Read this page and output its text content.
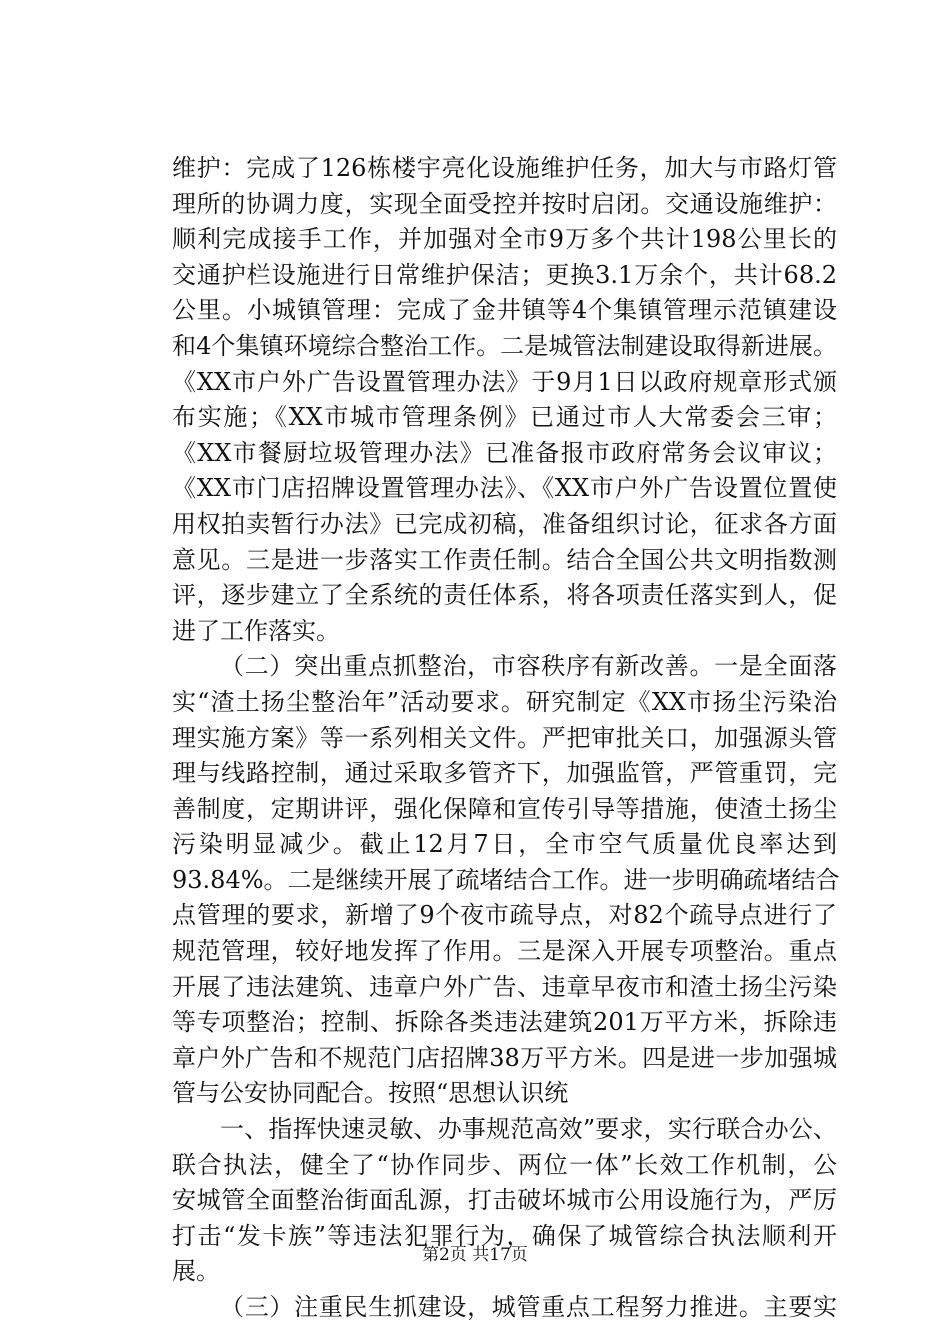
维护：完成了126栋楼宇亮化设施维护任务，加大与市路灯管
理所的协调力度，实现全面受控并按时启闭。交通设施维护：
顺利完成接手工作，并加强对全市9万多个共计198公里长的
交通护栏设施进行日常维护保洁；更换3.1万余个，共计68.2
公里。小城镇管理：完成了金井镇等4个集镇管理示范镇建设
和4个集镇环境综合整治工作。二是城管法制建设取得新进展。
《XX市户外广告设置管理办法》于9月1日以政府规章形式颁
布实施；《XX市城市管理条例》已通过市人大常委会三审；
《XX市餐厨垃圾管理办法》已准备报市政府常务会议审议；
《XX市门店招牌设置管理办法》、《XX市户外广告设置位置使
用权拍卖暂行办法》已完成初稿，准备组织讨论，征求各方面
意见。三是进一步落实工作责任制。结合全国公共文明指数测
评，逐步建立了全系统的责任体系，将各项责任落实到人，促
进了工作落实。
（二）突出重点抓整治，市容秩序有新改善。一是全面落
实“渣土扬尘整治年”活动要求。研究制定《XX市扬尘污染治
理实施方案》等一系列相关文件。严把审批关口，加强源头管
理与线路控制，通过采取多管齐下，加强监管，严管重罚，完
善制度，定期讲评，强化保障和宣传引导等措施，使渣土扬尘
污染明显减少。截止12月7日，全市空气质量优良率达到
93.84%。二是继续开展了疏堵结合工作。进一步明确疏堵结合
点管理的要求，新增了9个夜市疏导点，对82个疏导点进行了
规范管理，较好地发挥了作用。三是深入开展专项整治。重点
开展了违法建筑、违章户外广告、违章早夜市和渣土扬尘污染
等专项整治；控制、拆除各类违法建筑201万平方米，拆除违
章户外广告和不规范门店招牌38万平方米。四是进一步加强城
管与公安协同配合。按照“思想认识统
一、指挥快速灵敏、办事规范高效”要求，实行联合办公、
联合执法，健全了“协作同步、两位一体”长效工作机制，公
安城管全面整治街面乱源，打击破坏城市公用设施行为，严厉
打击“发卡族”等违法犯罪行为，确保了城管综合执法顺利开
展。
（三）注重民生抓建设，城管重点工程努力推进。主要实
第2页 共17页
